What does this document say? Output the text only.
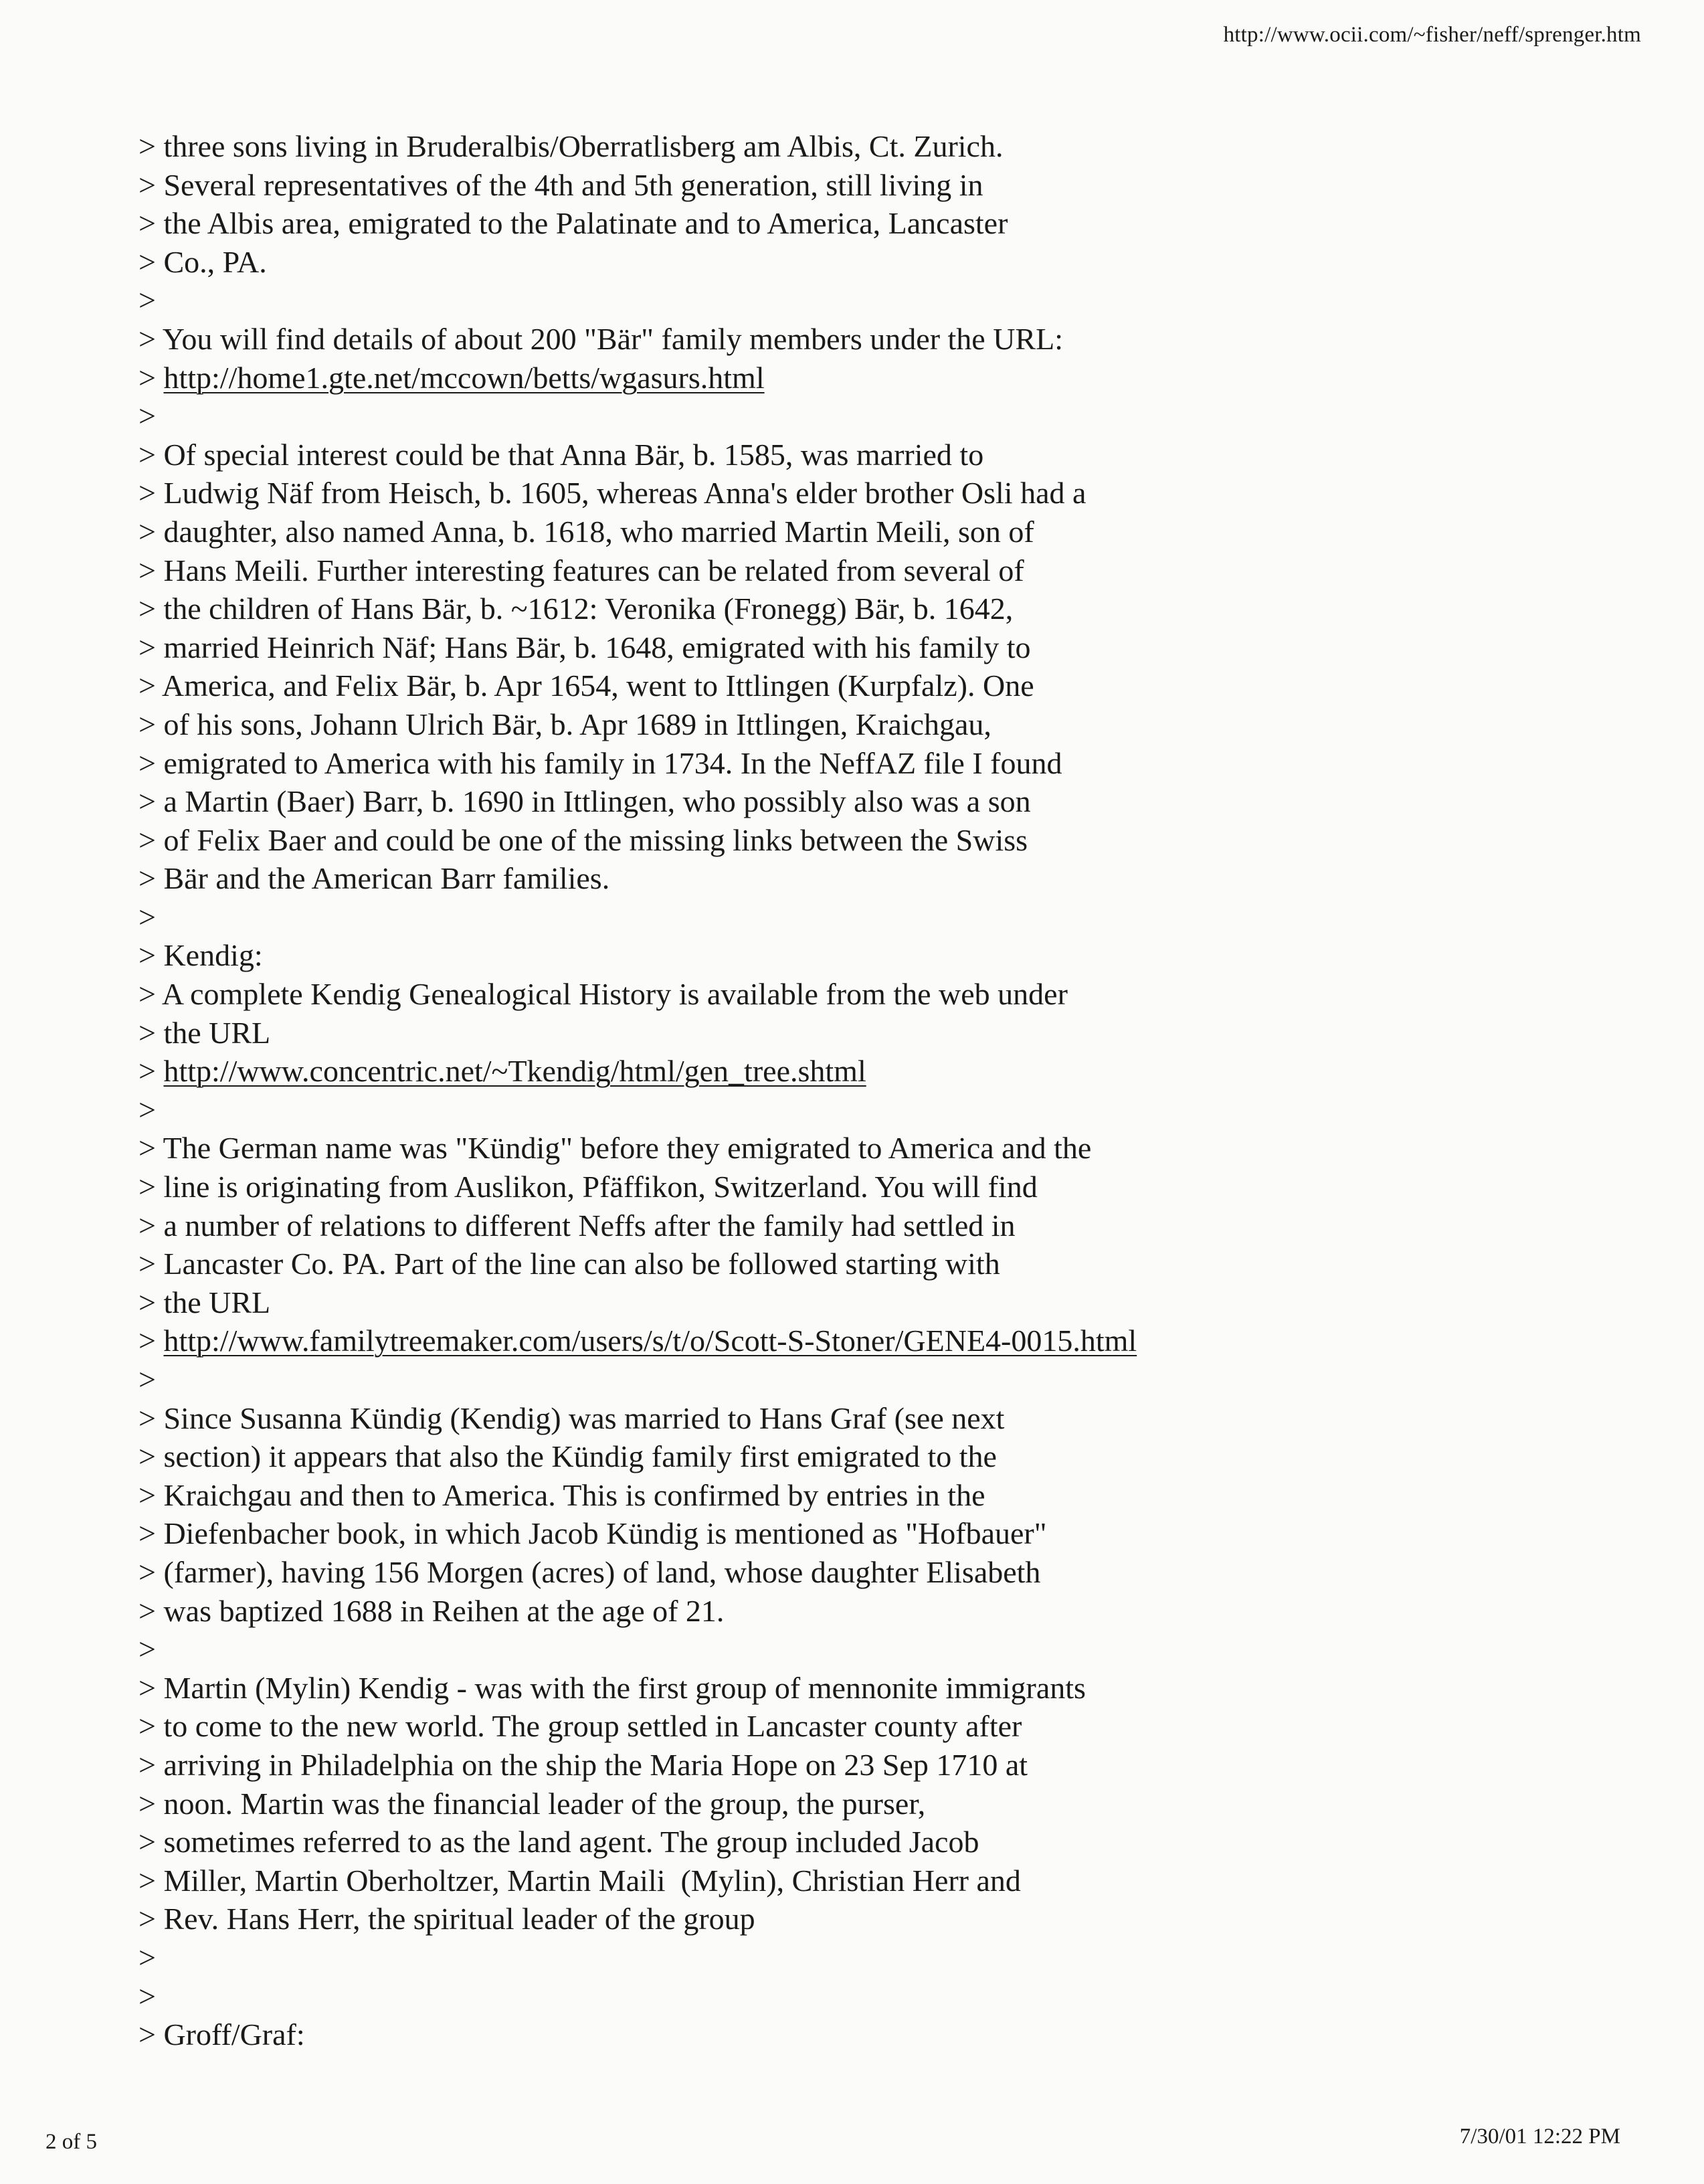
http://www.ocii.com/~fisher/neff/sprenger.htm
> three sons living in Bruderalbis/Oberratlisberg am Albis, Ct. Zurich.
> Several representatives of the 4th and 5th generation, still living in
> the Albis area, emigrated to the Palatinate and to America, Lancaster
> Co., PA.
>
> You will find details of about 200 "Bär" family members under the URL:
> http://home1.gte.net/mccown/betts/wgasurs.html
>
> Of special interest could be that Anna Bär, b. 1585, was married to
> Ludwig Näf from Heisch, b. 1605, whereas Anna's elder brother Osli had a
> daughter, also named Anna, b. 1618, who married Martin Meili, son of
> Hans Meili. Further interesting features can be related from several of
> the children of Hans Bär, b. ~1612: Veronika (Fronegg) Bär, b. 1642,
> married Heinrich Näf; Hans Bär, b. 1648, emigrated with his family to
> America, and Felix Bär, b. Apr 1654, went to Ittlingen (Kurpfalz). One
> of his sons, Johann Ulrich Bär, b. Apr 1689 in Ittlingen, Kraichgau,
> emigrated to America with his family in 1734. In the NeffAZ file I found
> a Martin (Baer) Barr, b. 1690 in Ittlingen, who possibly also was a son
> of Felix Baer and could be one of the missing links between the Swiss
> Bär and the American Barr families.
>
> Kendig:
> A complete Kendig Genealogical History is available from the web under
> the URL
> http://www.concentric.net/~Tkendig/html/gen_tree.shtml
>
> The German name was "Kündig" before they emigrated to America and the
> line is originating from Auslikon, Pfäffikon, Switzerland. You will find
> a number of relations to different Neffs after the family had settled in
> Lancaster Co. PA. Part of the line can also be followed starting with
> the URL
> http://www.familytreemaker.com/users/s/t/o/Scott-S-Stoner/GENE4-0015.html
>
> Since Susanna Kündig (Kendig) was married to Hans Graf (see next
> section) it appears that also the Kündig family first emigrated to the
> Kraichgau and then to America. This is confirmed by entries in the
> Diefenbacher book, in which Jacob Kündig is mentioned as "Hofbauer"
> (farmer), having 156 Morgen (acres) of land, whose daughter Elisabeth
> was baptized 1688 in Reihen at the age of 21.
>
> Martin (Mylin) Kendig - was with the first group of mennonite immigrants
> to come to the new world. The group settled in Lancaster county after
> arriving in Philadelphia on the ship the Maria Hope on 23 Sep 1710 at
> noon. Martin was the financial leader of the group, the purser,
> sometimes referred to as the land agent. The group included Jacob
> Miller, Martin Oberholtzer, Martin Maili  (Mylin), Christian Herr and
> Rev. Hans Herr, the spiritual leader of the group
>
>
> Groff/Graf:
2 of 5	7/30/01 12:22 PM
